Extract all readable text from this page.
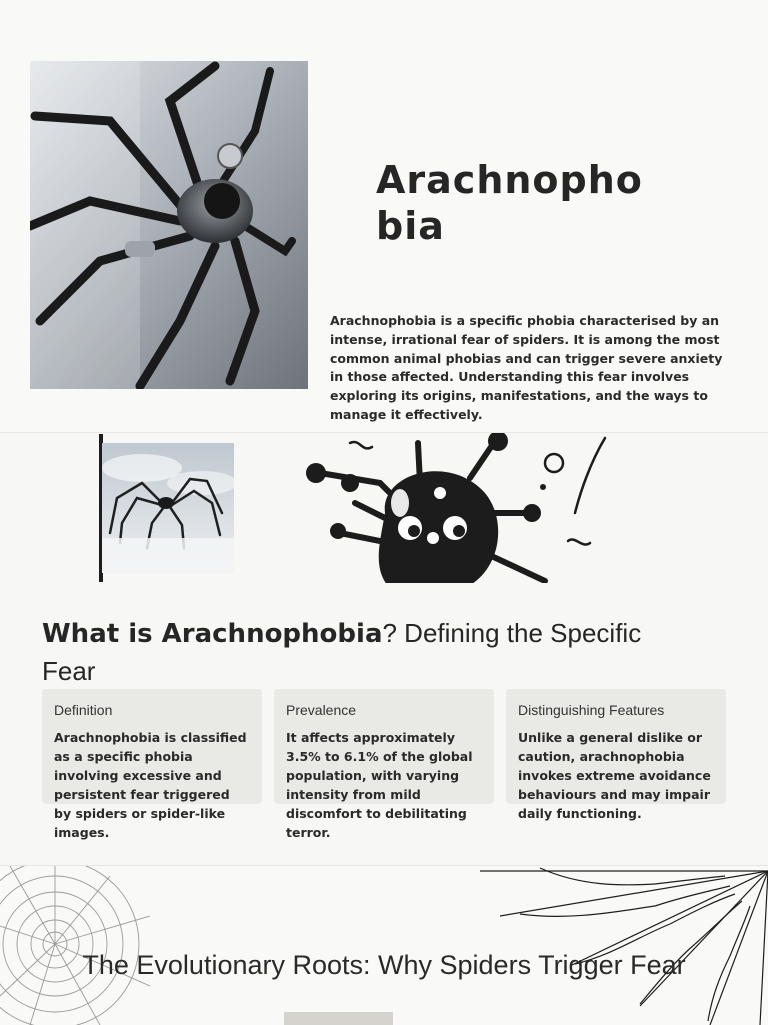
Arachnopho
bia

Arachnophobia is a specific phobia characterised by an intense, irrational fear of spiders. It is among the most common animal phobias and can trigger severe anxiety in those affected. Understanding this fear involves exploring its origins, manifestations, and the ways to manage it effectively.

What is Arachnophobia? Defining the Specific Fear
Definition

Arachnophobia is classified as a specific phobia involving excessive and persistent fear triggered by spiders or spider-like images.

Prevalence

It affects approximately 3.5% to 6.1% of the global population, with varying intensity from mild discomfort to debilitating terror.

Distinguishing Features

Unlike a general dislike or caution, arachnophobia invokes extreme avoidance behaviours and may impair daily functioning.

The Evolutionary Roots: Why Spiders Trigger Fear
